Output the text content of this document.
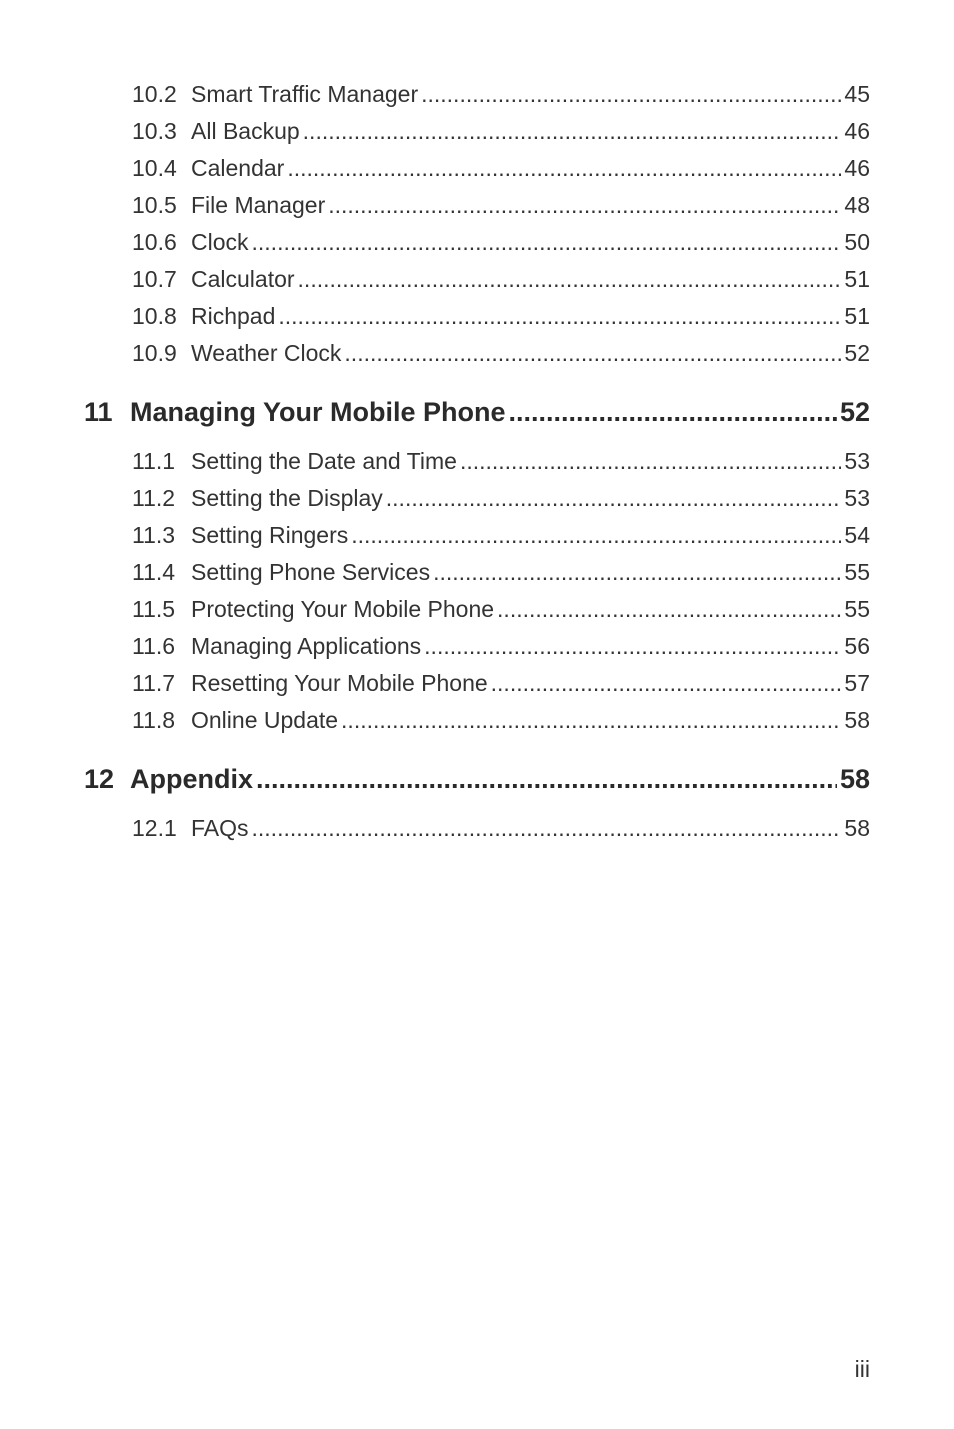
10.2 Smart Traffic Manager .....	45
10.3 All Backup .....	46
10.4 Calendar .....	46
10.5 File Manager .....	48
10.6 Clock .....	50
10.7 Calculator .....	51
10.8 Richpad .....	51
10.9 Weather Clock .....	52
11 Managing Your Mobile Phone .....	52
11.1 Setting the Date and Time .....	53
11.2 Setting the Display .....	53
11.3 Setting Ringers .....	54
11.4 Setting Phone Services .....	55
11.5 Protecting Your Mobile Phone .....	55
11.6 Managing Applications .....	56
11.7 Resetting Your Mobile Phone .....	57
11.8 Online Update .....	58
12 Appendix .....	58
12.1 FAQs .....	58
iii
